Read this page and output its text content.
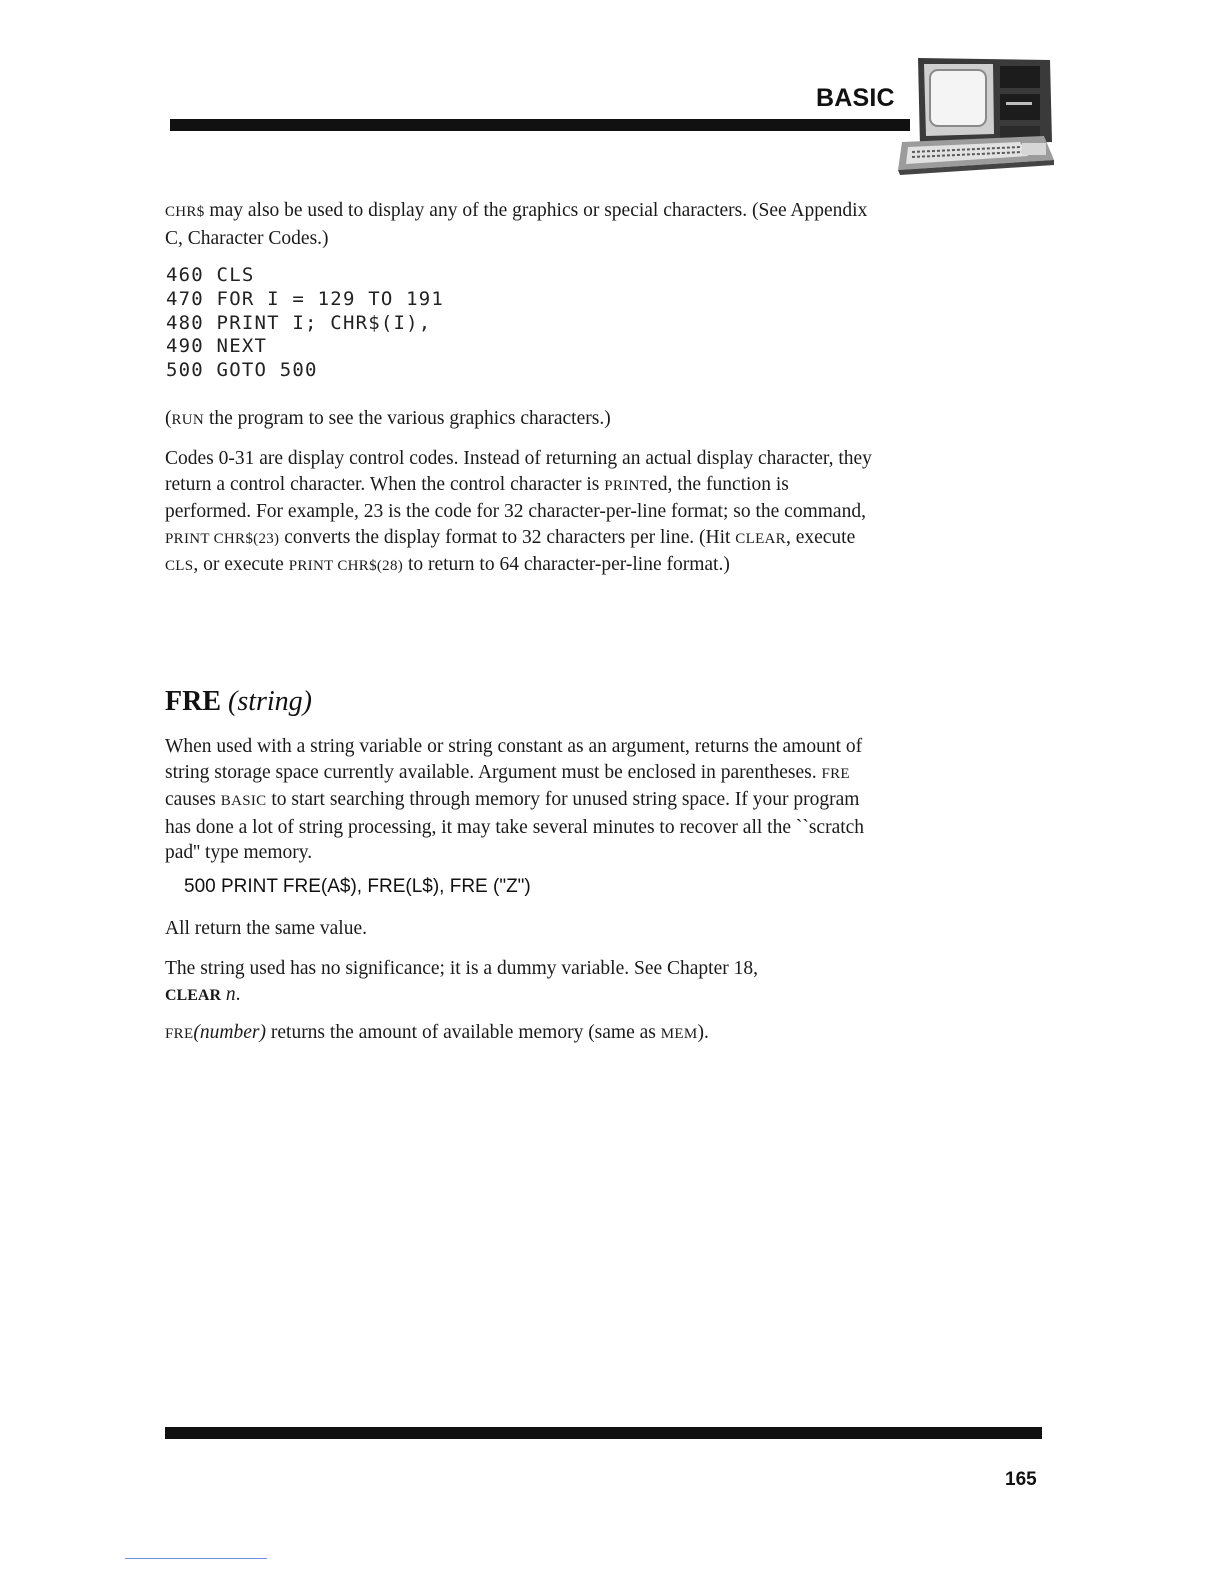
BASIC

CHR$ may also be used to display any of the graphics or special characters. (See Appendix C, Character Codes.)

460 CLS
470 FOR I = 129 TO 191
480 PRINT I; CHR$(I),
490 NEXT
500 GOTO 500

(RUN the program to see the various graphics characters.)

Codes 0-31 are display control codes. Instead of returning an actual display character, they return a control character. When the control character is PRINTed, the function is performed. For example, 23 is the code for 32 character-per-line format; so the command, PRINT CHR$(23) converts the display format to 32 characters per line. (Hit CLEAR, execute CLS, or execute PRINT CHR$(28) to return to 64 character-per-line format.)

FRE (string)

When used with a string variable or string constant as an argument, returns the amount of string storage space currently available. Argument must be enclosed in parentheses. FRE causes BASIC to start searching through memory for unused string space. If your program has done a lot of string processing, it may take several minutes to recover all the ``scratch pad'' type memory.

500 PRINT FRE(A$), FRE(L$), FRE ("Z")

All return the same value.

The string used has no significance; it is a dummy variable. See Chapter 18,
CLEAR n.

FRE(number) returns the amount of available memory (same as MEM).

165
